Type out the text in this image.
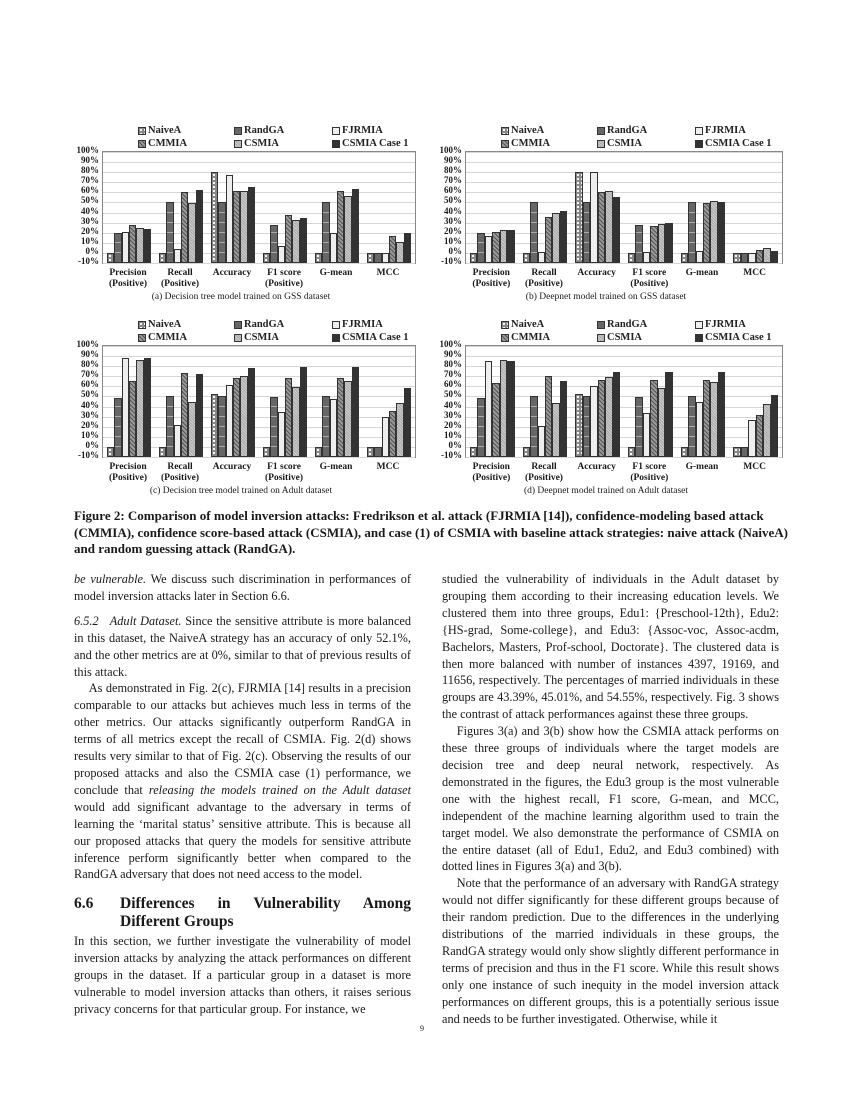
NaiveA	RandGA	FJRMIA
CMMIA	CSMIA	CSMIA Case 1
100%
90%
80%
70%
60%
50%
40%
30%
20%
10%
0%
-10%
Precision
(Positive)
Recall
(Positive)
Accuracy	F1 score
(Positive)
G-mean	MCC
(a) Decision tree model trained on GSS dataset
NaiveA	RandGA	FJRMIA
CMMIA	CSMIA	CSMIA Case 1
100%
90%
80%
70%
60%
50%
40%
30%
20%
10%
0%
-10%
Precision
(Positive)
Recall
(Positive)
Accuracy	F1 score
(Positive)
G-mean	MCC
(b) Deepnet model trained on GSS dataset
NaiveA	RandGA	FJRMIA
CMMIA	CSMIA	CSMIA Case 1
100%
90%
80%
70%
60%
50%
40%
30%
20%
10%
0%
-10%
Precision
(Positive)
Recall
(Positive)
Accuracy	F1 score
(Positive)
G-mean	MCC
(c) Decision tree model trained on Adult dataset
NaiveA	RandGA	FJRMIA
CMMIA	CSMIA	CSMIA Case 1
100%
90%
80%
70%
60%
50%
40%
30%
20%
10%
0%
-10%
Precision
(Positive)
Recall
(Positive)
Accuracy	F1 score
(Positive)
G-mean	MCC
(d) Deepnet model trained on Adult dataset
Figure 2: Comparison of model inversion attacks: Fredrikson et al. attack (FJRMIA [14]), confidence-modeling based attack (CMMIA), confidence score-based attack (CSMIA), and case (1) of CSMIA with baseline attack strategies: naive attack (NaiveA) and random guessing attack (RandGA).

be vulnerable. We discuss such discrimination in performances of model inversion attacks later in Section 6.6.

6.5.2 Adult Dataset. Since the sensitive attribute is more balanced in this dataset, the NaiveA strategy has an accuracy of only 52.1%, and the other metrics are at 0%, similar to that of previous results of this attack.

As demonstrated in Fig. 2(c), FJRMIA [14] results in a precision comparable to our attacks but achieves much less in terms of the other metrics. Our attacks significantly outperform RandGA in terms of all metrics except the recall of CSMIA. Fig. 2(d) shows results very similar to that of Fig. 2(c). Observing the results of our proposed attacks and also the CSMIA case (1) performance, we conclude that releasing the models trained on the Adult dataset would add significant advantage to the adversary in terms of learning the ‘marital status’ sensitive attribute. This is because all our proposed attacks that query the models for sensitive attribute inference perform significantly better when compared to the RandGA adversary that does not need access to the model.

6.6	Differences in Vulnerability Among Different Groups

In this section, we further investigate the vulnerability of model inversion attacks by analyzing the attack performances on different groups in the dataset. If a particular group in a dataset is more vulnerable to model inversion attacks than others, it raises serious privacy concerns for that particular group. For instance, we

studied the vulnerability of individuals in the Adult dataset by grouping them according to their increasing education levels. We clustered them into three groups, Edu1: {Preschool-12th}, Edu2: {HS-grad, Some-college}, and Edu3: {Assoc-voc, Assoc-acdm, Bachelors, Masters, Prof-school, Doctorate}. The clustered data is then more balanced with number of instances 4397, 19169, and 11656, respectively. The percentages of married individuals in these groups are 43.39%, 45.01%, and 54.55%, respectively. Fig. 3 shows the contrast of attack performances against these three groups.

Figures 3(a) and 3(b) show how the CSMIA attack performs on these three groups of individuals where the target models are decision tree and deep neural network, respectively. As demonstrated in the figures, the Edu3 group is the most vulnerable one with the highest recall, F1 score, G-mean, and MCC, independent of the machine learning algorithm used to train the target model. We also demonstrate the performance of CSMIA on the entire dataset (all of Edu1, Edu2, and Edu3 combined) with dotted lines in Figures 3(a) and 3(b).

Note that the performance of an adversary with RandGA strategy would not differ significantly for these different groups because of their random prediction. Due to the differences in the underlying distributions of the married individuals in these groups, the RandGA strategy would only show slightly different performance in terms of precision and thus in the F1 score. While this result shows only one instance of such inequity in the model inversion attack performances on different groups, this is a potentially serious issue and needs to be further investigated. Otherwise, while it

9
